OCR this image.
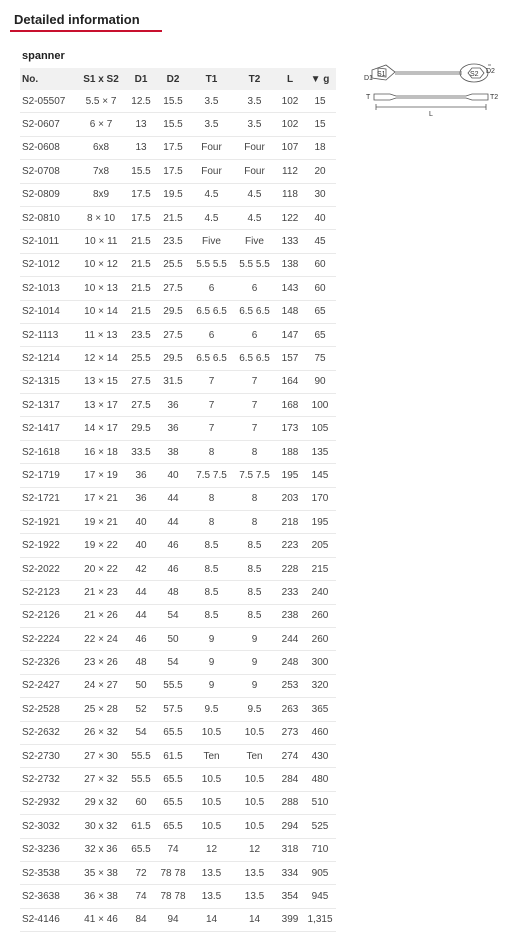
Detailed information
spanner
No.	S1 x S2	D1	D2	T1	T2	L	▼ g
S2-05507	5.5 × 7	12.5	15.5	3.5	3.5	102	15
S2-0607	6 × 7	13	15.5	3.5	3.5	102	15
S2-0608	6x8	13	17.5	Four	Four	107	18
S2-0708	7x8	15.5	17.5	Four	Four	112	20
S2-0809	8x9	17.5	19.5	4.5	4.5	118	30
S2-0810	8 × 10	17.5	21.5	4.5	4.5	122	40
S2-1011	10 × 11	21.5	23.5	Five	Five	133	45
S2-1012	10 × 12	21.5	25.5	5.5 5.5	5.5 5.5	138	60
S2-1013	10 × 13	21.5	27.5	6	6	143	60
S2-1014	10 × 14	21.5	29.5	6.5 6.5	6.5 6.5	148	65
S2-1113	11 × 13	23.5	27.5	6	6	147	65
S2-1214	12 × 14	25.5	29.5	6.5 6.5	6.5 6.5	157	75
S2-1315	13 × 15	27.5	31.5	7	7	164	90
S2-1317	13 × 17	27.5	36	7	7	168	100
S2-1417	14 × 17	29.5	36	7	7	173	105
S2-1618	16 × 18	33.5	38	8	8	188	135
S2-1719	17 × 19	36	40	7.5 7.5	7.5 7.5	195	145
S2-1721	17 × 21	36	44	8	8	203	170
S2-1921	19 × 21	40	44	8	8	218	195
S2-1922	19 × 22	40	46	8.5	8.5	223	205
S2-2022	20 × 22	42	46	8.5	8.5	228	215
S2-2123	21 × 23	44	48	8.5	8.5	233	240
S2-2126	21 × 26	44	54	8.5	8.5	238	260
S2-2224	22 × 24	46	50	9	9	244	260
S2-2326	23 × 26	48	54	9	9	248	300
S2-2427	24 × 27	50	55.5	9	9	253	320
S2-2528	25 × 28	52	57.5	9.5	9.5	263	365
S2-2632	26 × 32	54	65.5	10.5	10.5	273	460
S2-2730	27 × 30	55.5	61.5	Ten	Ten	274	430
S2-2732	27 × 32	55.5	65.5	10.5	10.5	284	480
S2-2932	29 x 32	60	65.5	10.5	10.5	288	510
S2-3032	30 x 32	61.5	65.5	10.5	10.5	294	525
S2-3236	32 x 36	65.5	74	12	12	318	710
S2-3538	35 × 38	72	78 78	13.5	13.5	334	905
S2-3638	36 × 38	74	78 78	13.5	13.5	354	945
S2-4146	41 × 46	84	94	14	14	399	1,315
D1
S1	S2 D2
T	T2
L
